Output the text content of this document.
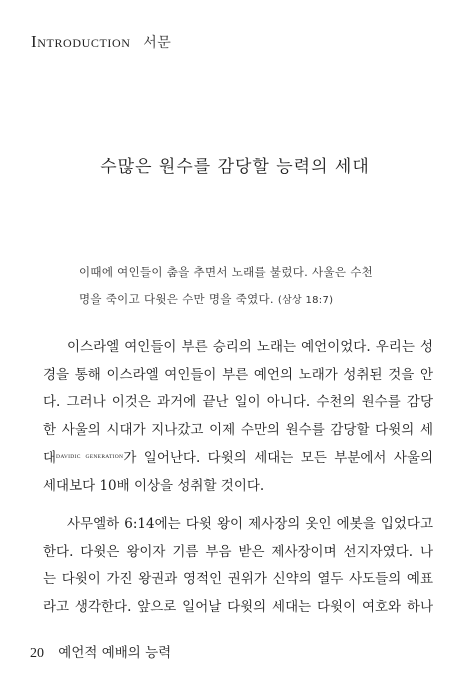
Introduction 서문
수많은 원수를 감당할 능력의 세대
이때에 여인들이 춤을 추면서 노래를 불렀다. 사울은 수천
명을 죽이고 다윗은 수만 명을 죽였다. (삼상 18:7)

이스라엘 여인들이 부른 승리의 노래는 예언이었다. 우리는 성
경을 통해 이스라엘 여인들이 부른 예언의 노래가 성취된 것을 안
다. 그러나 이것은 과거에 끝난 일이 아니다. 수천의 원수를 감당
한 사울의 시대가 지나갔고 이제 수만의 원수를 감당할 다윗의 세
대$^{DAVIDIC GENERATION}$가 일어난다. 다윗의 세대는 모든 부분에서 사울의
세대보다 10배 이상을 성취할 것이다.

사무엘하 6:14에는 다윗 왕이 제사장의 옷인 에봇을 입었다고
한다. 다윗은 왕이자 기름 부음 받은 제사장이며 선지자였다. 나
는 다윗이 가진 왕권과 영적인 권위가 신약의 열두 사도들의 예표
라고 생각한다. 앞으로 일어날 다윗의 세대는 다윗이 여호와 하나

20 예언적 예배의 능력
